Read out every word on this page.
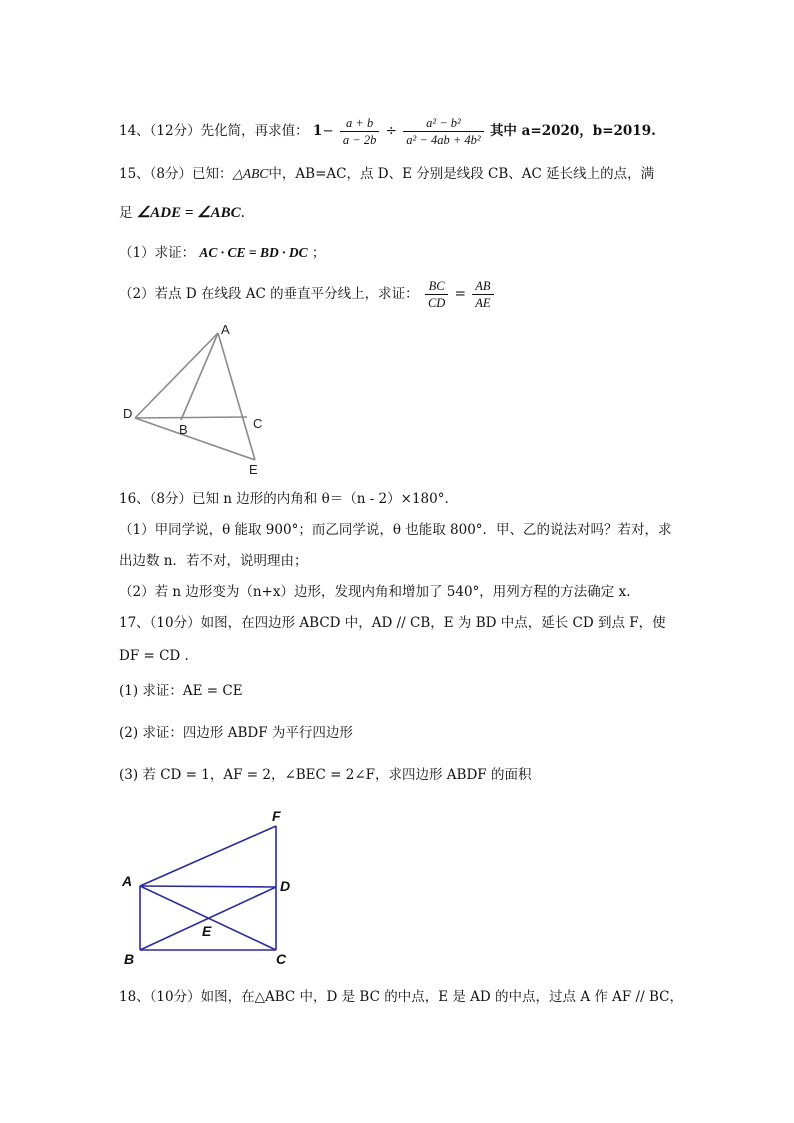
14、（12分）先化简，再求值： $1- \frac{a + b}{a - 2b} \div \frac{\text{a² − b²}}{\text{a² − 4ab + 4b²}}$ 其中 a=2020，b=2019.
15、（8分）已知：△ABC中，AB=AC，点 D、E 分别是线段 CB、AC 延长线上的点，满
足 ∠ADE = ∠ABC.
（1）求证： AC · CE = BD · DC ；
（2）若点 D 在线段 AC 的垂直平分线上，求证： $\frac{BC}{CD} = \frac{AB}{AE}$
A
B	C
D
E
16、（8分）已知 n 边形的内角和 θ＝（n - 2）×180°.
（1）甲同学说，θ 能取 900°；而乙同学说，θ 也能取 800°．甲、乙的说法对吗？若对，求
出边数 n．若不对，说明理由；
（2）若 n 边形变为（n+x）边形，发现内角和增加了 540°，用列方程的方法确定 x.
17、（10分）如图，在四边形 ABCD 中，AD // CB，E 为 BD 中点，延长 CD 到点 F，使
DF = CD .
(1) 求证：AE = CE
(2) 求证：四边形 ABDF 为平行四边形
(3) 若 CD = 1，AF = 2，∠BEC = 2∠F，求四边形 ABDF 的面积
A
B	C
D
E
F
18、（10分）如图，在△ABC 中，D 是 BC 的中点，E 是 AD 的中点，过点 A 作 AF // BC，
